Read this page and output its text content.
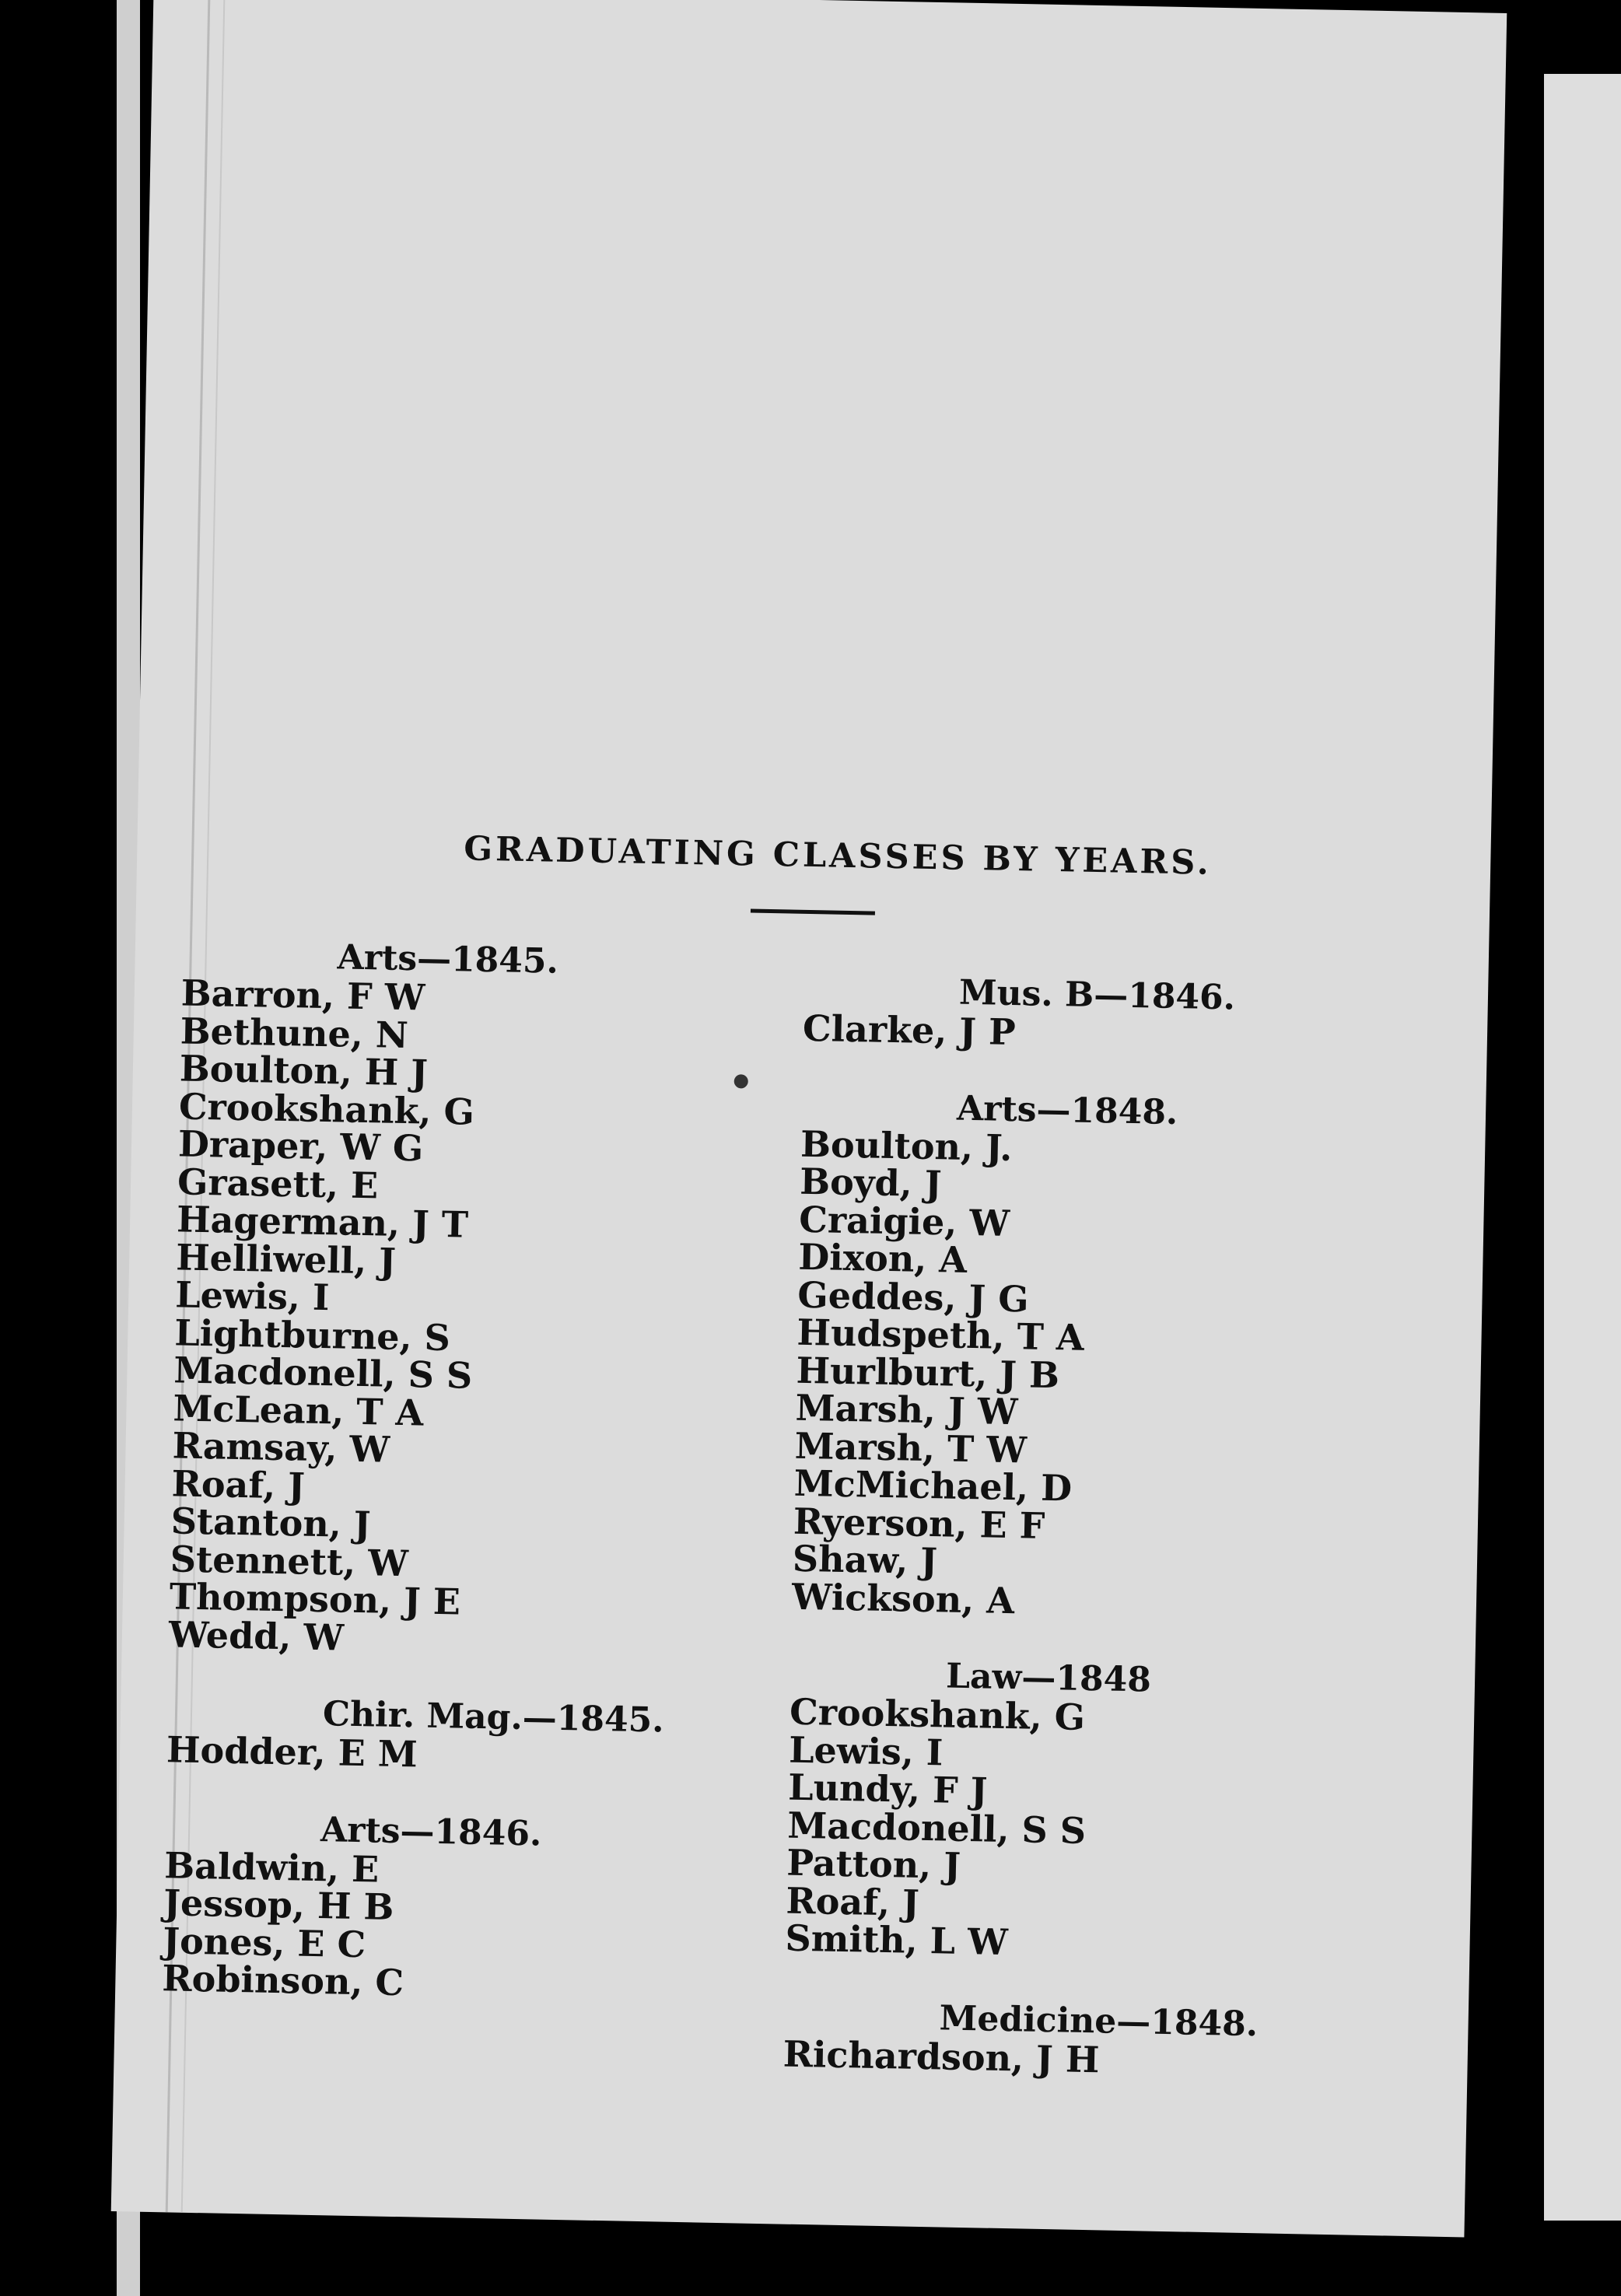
GRADUATING CLASSES BY YEARS.
Arts—1845.
Barron, F W
Bethune, N
Boulton, H J
Crookshank, G
Draper, W G
Grasett, E
Hagerman, J T
Helliwell, J
Lewis, I
Lightburne, S
Macdonell, S S
McLean, T A
Ramsay, W
Roaf, J
Stanton, J
Stennett, W
Thompson, J E
Wedd, W
Chir. Mag.—1845.
Hodder, E M
Arts—1846.
Baldwin, E
Jessop, H B
Jones, E C
Robinson, C
Mus. B—1846.
Clarke, J P
Arts—1848.
Boulton, J.
Boyd, J
Craigie, W
Dixon, A
Geddes, J G
Hudspeth, T A
Hurlburt, J B
Marsh, J W
Marsh, T W
McMichael, D
Ryerson, E F
Shaw, J
Wickson, A
Law—1848
Crookshank, G
Lewis, I
Lundy, F J
Macdonell, S S
Patton, J
Roaf, J
Smith, L W
Medicine—1848.
Richardson, J H
